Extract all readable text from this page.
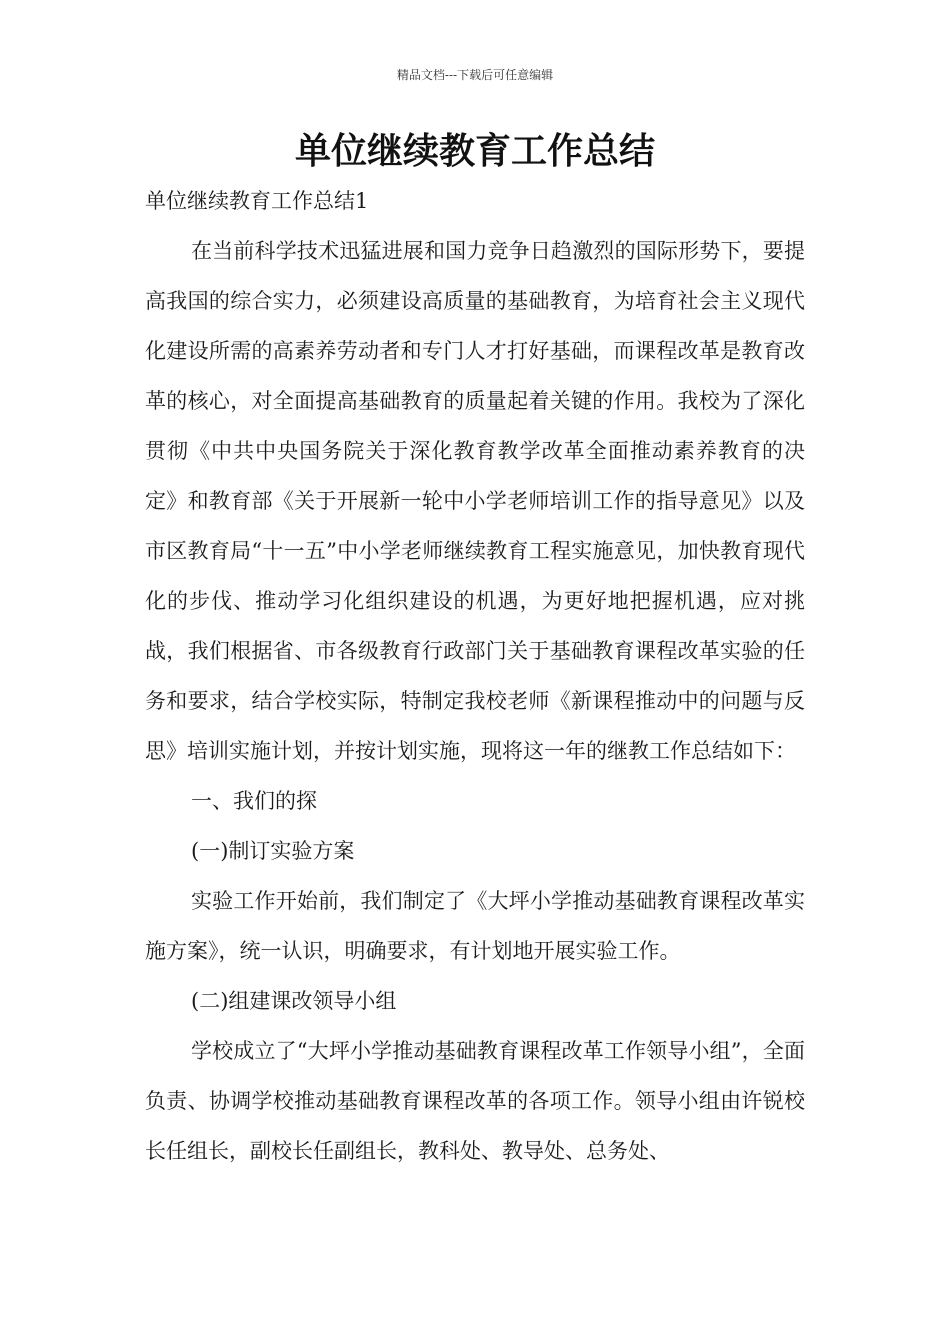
精品文档---下载后可任意编辑
单位继续教育工作总结

单位继续教育工作总结1

在当前科学技术迅猛进展和国力竞争日趋激烈的国际形势下，要提高我国的综合实力，必须建设高质量的基础教育，为培育社会主义现代化建设所需的高素养劳动者和专门人才打好基础，而课程改革是教育改革的核心，对全面提高基础教育的质量起着关键的作用。我校为了深化贯彻《中共中央国务院关于深化教育教学改革全面推动素养教育的决定》和教育部《关于开展新一轮中小学老师培训工作的指导意见》以及市区教育局“十一五”中小学老师继续教育工程实施意见，加快教育现代化的步伐、推动学习化组织建设的机遇，为更好地把握机遇，应对挑战，我们根据省、市各级教育行政部门关于基础教育课程改革实验的任务和要求，结合学校实际，特制定我校老师《新课程推动中的问题与反思》培训实施计划，并按计划实施，现将这一年的继教工作总结如下：

一、我们的探

(一)制订实验方案

实验工作开始前，我们制定了《大坪小学推动基础教育课程改革实施方案》，统一认识，明确要求，有计划地开展实验工作。

(二)组建课改领导小组

学校成立了“大坪小学推动基础教育课程改革工作领导小组”，全面负责、协调学校推动基础教育课程改革的各项工作。领导小组由许锐校长任组长，副校长任副组长，教科处、教导处、总务处、
